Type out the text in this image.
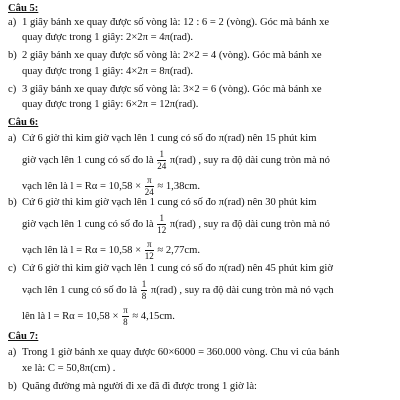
Câu 5:
a) 1 giây bánh xe quay được số vòng là: 12 : 6 = 2 (vòng). Góc mà bánh xe
quay được trong 1 giây: 2×2π = 4π(rad).
b) 2 giây bánh xe quay được số vòng là: 2×2 = 4 (vòng). Góc mà bánh xe
quay được trong 1 giây: 4×2π = 8π(rad).
c) 3 giây bánh xe quay được số vòng là: 3×2 = 6 (vòng). Góc mà bánh xe
quay được trong 1 giây: 6×2π = 12π(rad).
Câu 6:
a) Cứ 6 giờ thì kim giờ vạch lên 1 cung có số đo π(rad) nên 15 phút kim
giờ vạch lên 1 cung có số đo là $\frac{1}{24} \pi(rad)$ , suy ra độ dài cung tròn mà nó
vạch lên là $l = R\alpha = 10,58 \times \frac{\pi}{24} \approx 1,38cm$.
b) Cứ 6 giờ thì kim giờ vạch lên 1 cung có số đo π(rad) nên 30 phút kim
giờ vạch lên 1 cung có số đo là $\frac{1}{12} \pi(rad)$ , suy ra độ dài cung tròn mà nó
vạch lên là $l = R\alpha = 10,58 \times \frac{\pi}{12} \approx 2,77cm$.
c) Cứ 6 giờ thì kim giờ vạch lên 1 cung có số đo π(rad) nên 45 phút kim giờ
vạch lên 1 cung có số đo là $\frac{1}{8} \pi(rad)$ , suy ra độ dài cung tròn mà nó vạch
lên là $l = R\alpha = 10,58 \times \frac{\pi}{8} \approx 4,15cm$.
Câu 7:
a) Trong 1 giờ bánh xe quay được 60×6000 = 360.000 vòng. Chu vi của bánh
xe là: C = 50,8π(cm) .
b) Quãng đường mà người đi xe đã đi được trong 1 giờ là:
